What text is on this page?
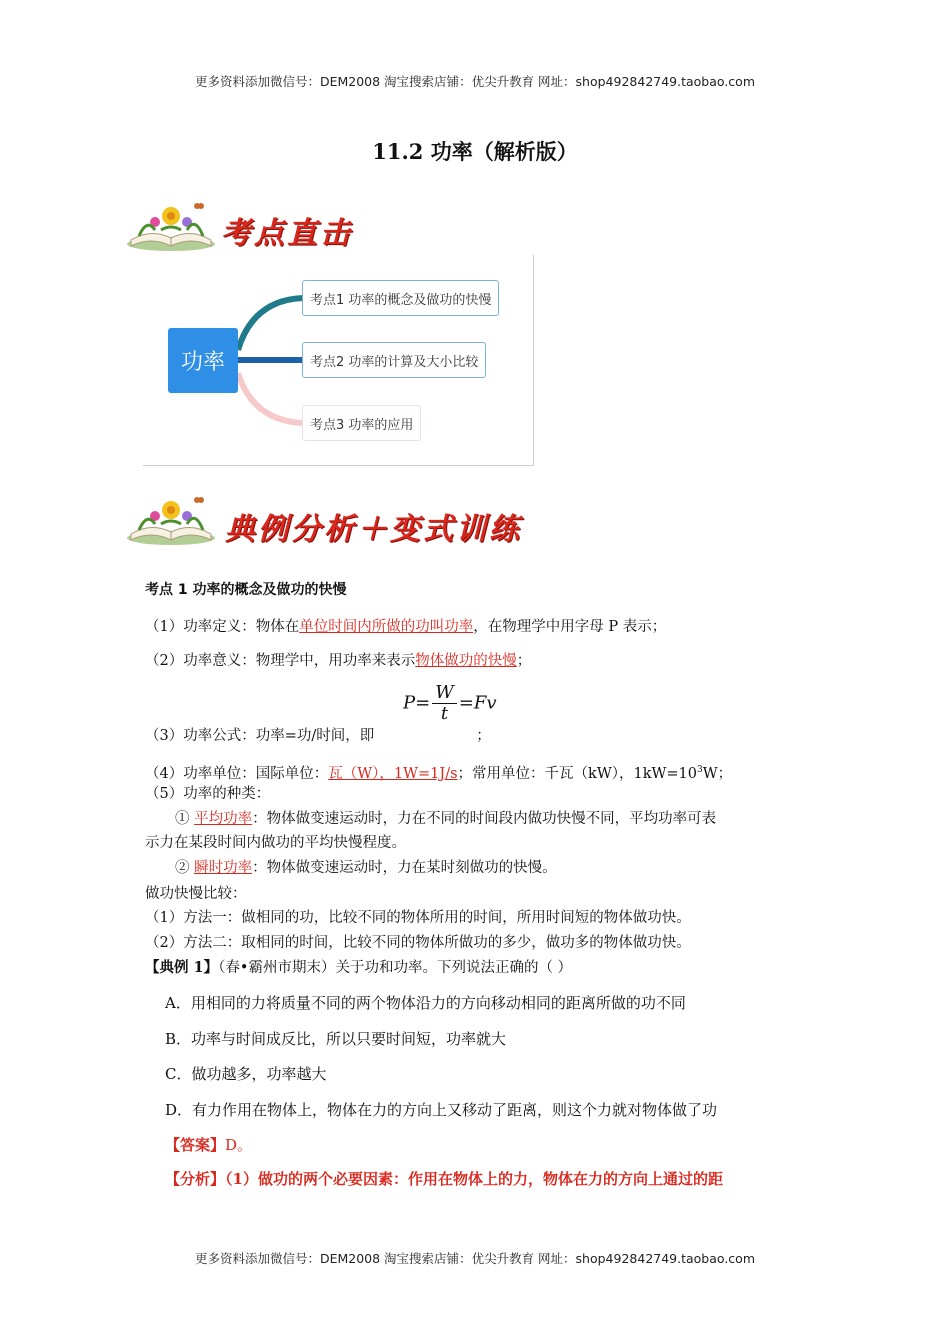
更多资料添加微信号：DEM2008 淘宝搜索店铺：优尖升教育 网址：shop492842749.taobao.com
11.2 功率（解析版）
考点直击
功率
考点1 功率的概念及做功的快慢
考点2 功率的计算及大小比较
考点3 功率的应用
典例分析＋变式训练
考点 1 功率的概念及做功的快慢
（1）功率定义：物体在单位时间内所做的功叫功率，在物理学中用字母 P 表示；
（2）功率意义：物理学中，用功率来表示物体做功的快慢；
$P= \frac{W}{t} =Fv$
（3）功率公式：功率=功/时间，即	；
（4）功率单位：国际单位：瓦（W），1W=1J/s；常用单位：千瓦（kW），$1kW=10^3W$；
（5）功率的种类：
① 平均功率：物体做变速运动时，力在不同的时间段内做功快慢不同，平均功率可表
示力在某段时间内做功的平均快慢程度。
② 瞬时功率：物体做变速运动时，力在某时刻做功的快慢。
做功快慢比较：
（1）方法一：做相同的功，比较不同的物体所用的时间，所用时间短的物体做功快。
（2）方法二：取相同的时间，比较不同的物体所做功的多少，做功多的物体做功快。
【典例 1】（春•霸州市期末）关于功和功率。下列说法正确的（ ）
A．用相同的力将质量不同的两个物体沿力的方向移动相同的距离所做的功不同
B．功率与时间成反比，所以只要时间短，功率就大
C．做功越多，功率越大
D．有力作用在物体上，物体在力的方向上又移动了距离，则这个力就对物体做了功
【答案】D。
【分析】（1）做功的两个必要因素：作用在物体上的力，物体在力的方向上通过的距
更多资料添加微信号：DEM2008 淘宝搜索店铺：优尖升教育 网址：shop492842749.taobao.com
